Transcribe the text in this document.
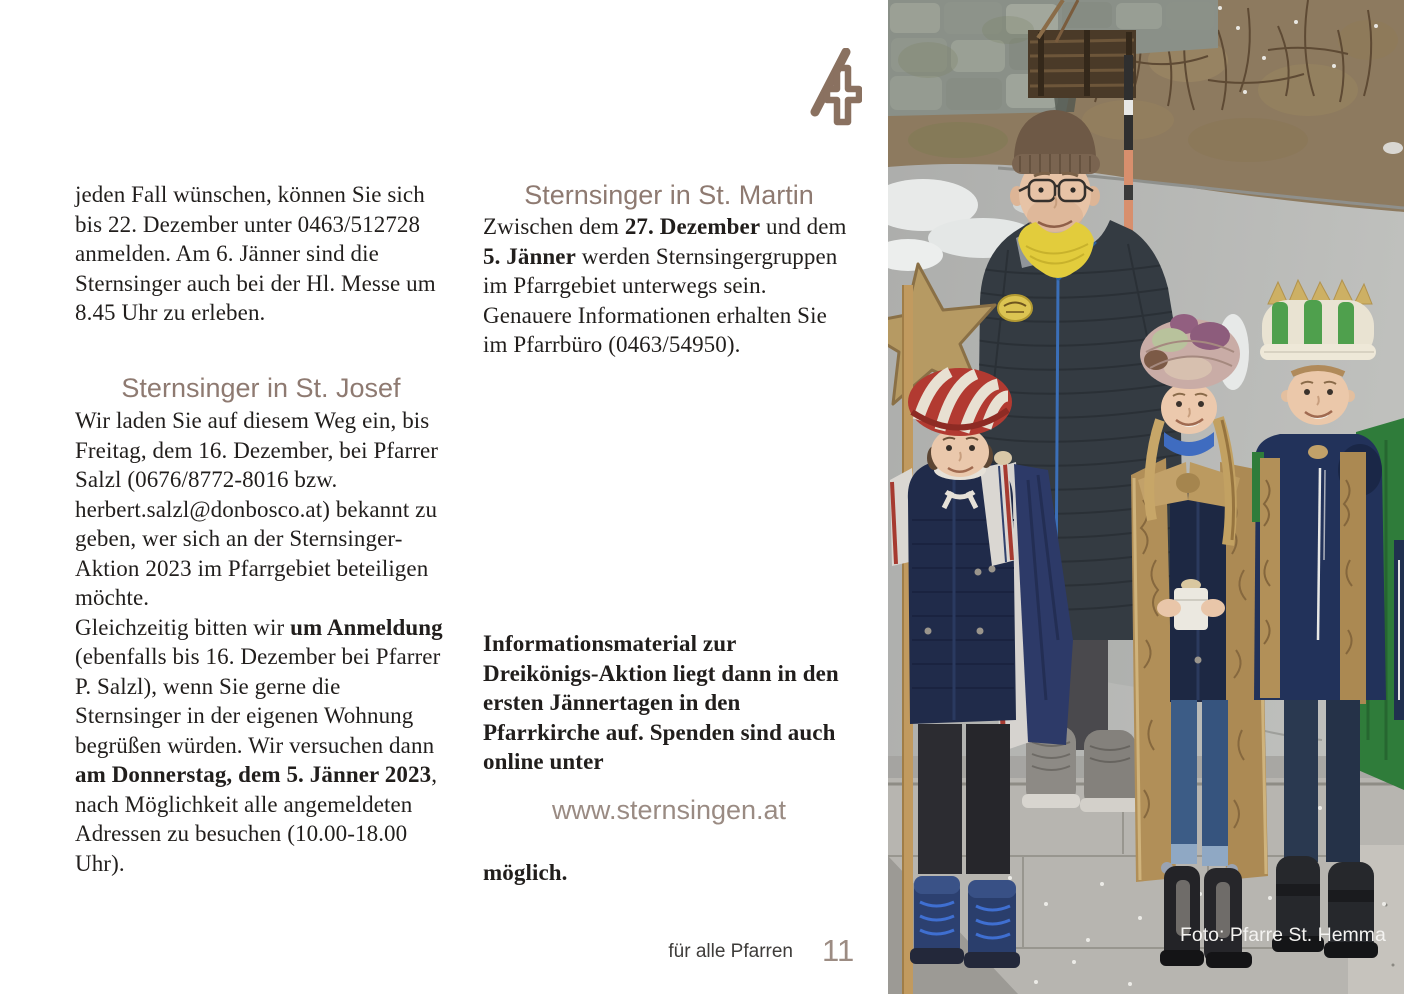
jeden Fall wünschen, können Sie sich bis 22. Dezember unter 0463/512728 anmelden. Am 6. Jänner sind die Sternsinger auch bei der Hl. Messe um 8.45 Uhr zu erleben.

Sternsinger in St. Josef

Wir laden Sie auf diesem Weg ein, bis Freitag, dem 16. Dezember, bei Pfarrer Salzl (0676/8772-8016 bzw. herbert.salzl@donbosco.at) bekannt zu geben, wer sich an der Sternsinger-Aktion 2023 im Pfarrgebiet beteiligen möchte.

Gleichzeitig bitten wir um Anmeldung (ebenfalls bis 16. Dezember bei Pfarrer P. Salzl), wenn Sie gerne die Sternsinger in der eigenen Wohnung begrüßen würden. Wir versuchen dann am Donnerstag, dem 5. Jänner 2023, nach Möglichkeit alle angemeldeten Adressen zu besuchen (10.00-18.00 Uhr).

Sternsinger in St. Martin

Zwischen dem 27. Dezember und dem 5. Jänner werden Sternsingergruppen im Pfarrgebiet unterwegs sein. Genauere Informationen erhalten Sie im Pfarrbüro (0463/54950).

Informationsmaterial zur Dreikönigs-Aktion liegt dann in den ersten Jännertagen in den Pfarrkirche auf. Spenden sind auch online unter

www.sternsingen.at

möglich.

für alle Pfarren 11	Foto: Pfarre St. Hemma
